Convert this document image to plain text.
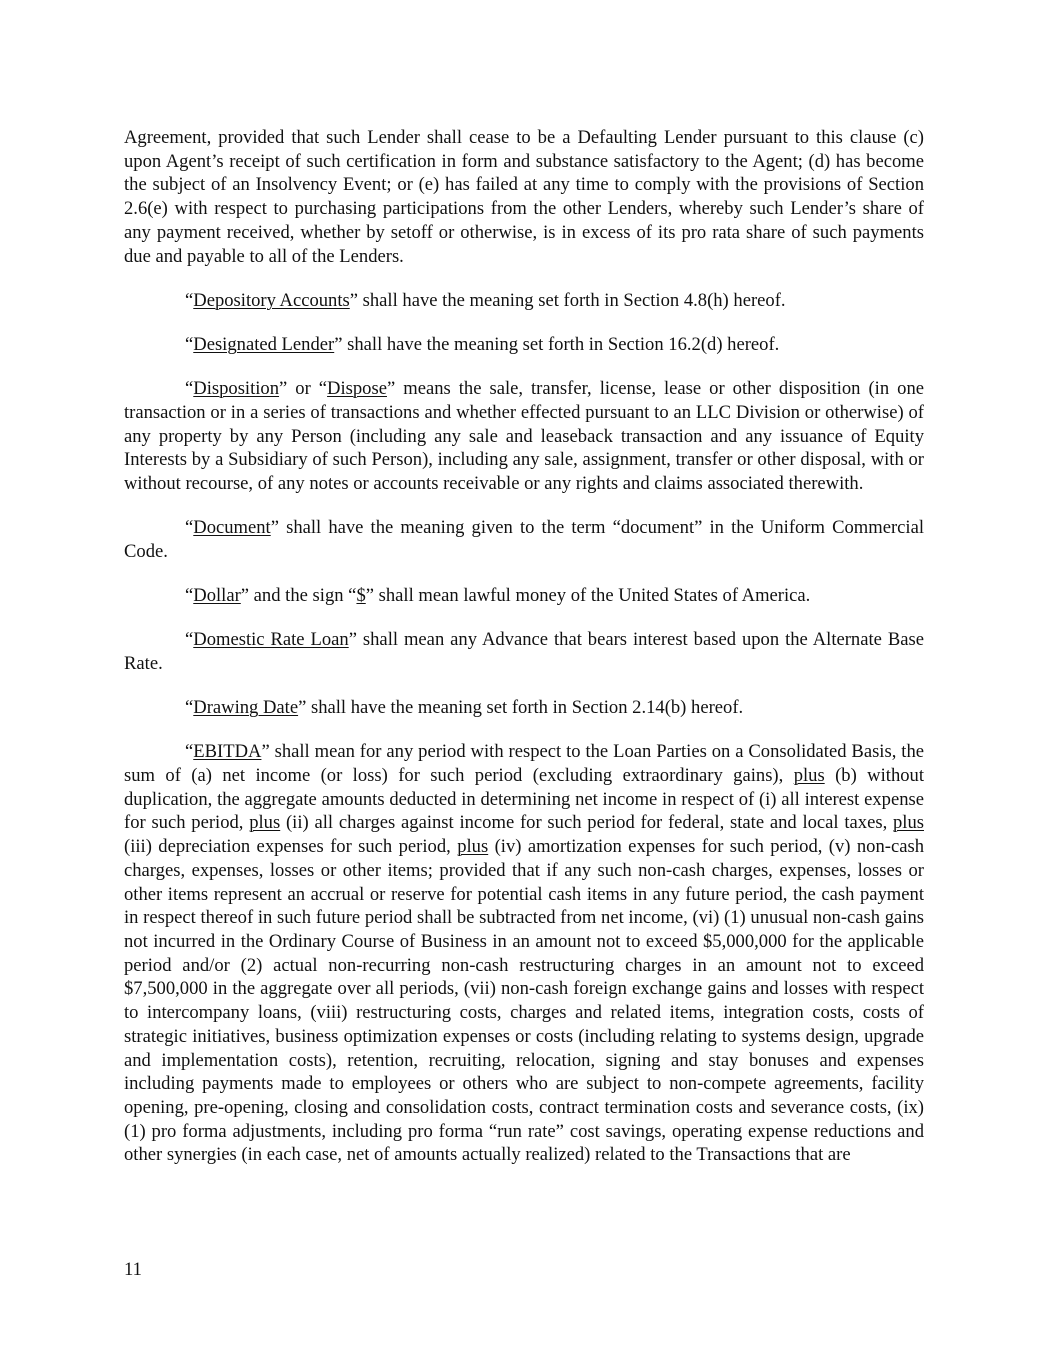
Agreement, provided that such Lender shall cease to be a Defaulting Lender pursuant to this clause (c) upon Agent’s receipt of such certification in form and substance satisfactory to the Agent; (d) has become the subject of an Insolvency Event; or (e) has failed at any time to comply with the provisions of Section 2.6(e) with respect to purchasing participations from the other Lenders, whereby such Lender’s share of any payment received, whether by setoff or otherwise, is in excess of its pro rata share of such payments due and payable to all of the Lenders.

“Depository Accounts” shall have the meaning set forth in Section 4.8(h) hereof.

“Designated Lender” shall have the meaning set forth in Section 16.2(d) hereof.

“Disposition” or “Dispose” means the sale, transfer, license, lease or other disposition (in one transaction or in a series of transactions and whether effected pursuant to an LLC Division or otherwise) of any property by any Person (including any sale and leaseback transaction and any issuance of Equity Interests by a Subsidiary of such Person), including any sale, assignment, transfer or other disposal, with or without recourse, of any notes or accounts receivable or any rights and claims associated therewith.

“Document” shall have the meaning given to the term “document” in the Uniform Commercial Code.

“Dollar” and the sign “$” shall mean lawful money of the United States of America.

“Domestic Rate Loan” shall mean any Advance that bears interest based upon the Alternate Base Rate.

“Drawing Date” shall have the meaning set forth in Section 2.14(b) hereof.

“EBITDA” shall mean for any period with respect to the Loan Parties on a Consolidated Basis, the sum of (a) net income (or loss) for such period (excluding extraordinary gains), plus (b) without duplication, the aggregate amounts deducted in determining net income in respect of (i) all interest expense for such period, plus (ii) all charges against income for such period for federal, state and local taxes, plus (iii) depreciation expenses for such period, plus (iv) amortization expenses for such period, (v) non-cash charges, expenses, losses or other items; provided that if any such non-cash charges, expenses, losses or other items represent an accrual or reserve for potential cash items in any future period, the cash payment in respect thereof in such future period shall be subtracted from net income, (vi) (1) unusual non-cash gains not incurred in the Ordinary Course of Business in an amount not to exceed $5,000,000 for the applicable period and/or (2) actual non-recurring non-cash restructuring charges in an amount not to exceed $7,500,000 in the aggregate over all periods, (vii) non-cash foreign exchange gains and losses with respect to intercompany loans, (viii) restructuring costs, charges and related items, integration costs, costs of strategic initiatives, business optimization expenses or costs (including relating to systems design, upgrade and implementation costs), retention, recruiting, relocation, signing and stay bonuses and expenses including payments made to employees or others who are subject to non-compete agreements, facility opening, pre-opening, closing and consolidation costs, contract termination costs and severance costs, (ix) (1) pro forma adjustments, including pro forma “run rate” cost savings, operating expense reductions and other synergies (in each case, net of amounts actually realized) related to the Transactions that are

11
